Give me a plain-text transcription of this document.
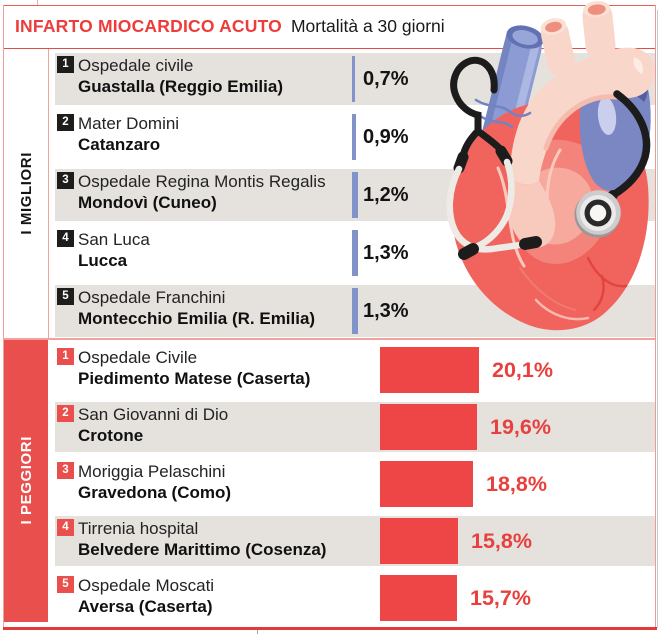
INFARTO MIOCARDICO ACUTO Mortalità a 30 giorni
I MIGLIORI
I PEGGIORI
1 Ospedale civile
Guastalla (Reggio Emilia)	0,7%
2 Mater Domini
Catanzaro	0,9%
3 Ospedale Regina Montis Regalis
Mondovì (Cuneo)	1,2%
4 San Luca
Lucca	1,3%
5 Ospedale Franchini
Montecchio Emilia (R. Emilia) 1,3%
1 Ospedale Civile
Piedimento Matese (Caserta)	20,1%
2 San Giovanni di Dio
Crotone	19,6%
3 Moriggia Pelaschini
Gravedona (Como)	18,8%
4 Tirrenia hospital
Belvedere Marittimo (Cosenza)	15,8%
5 Ospedale Moscati
Aversa (Caserta)	15,7%
